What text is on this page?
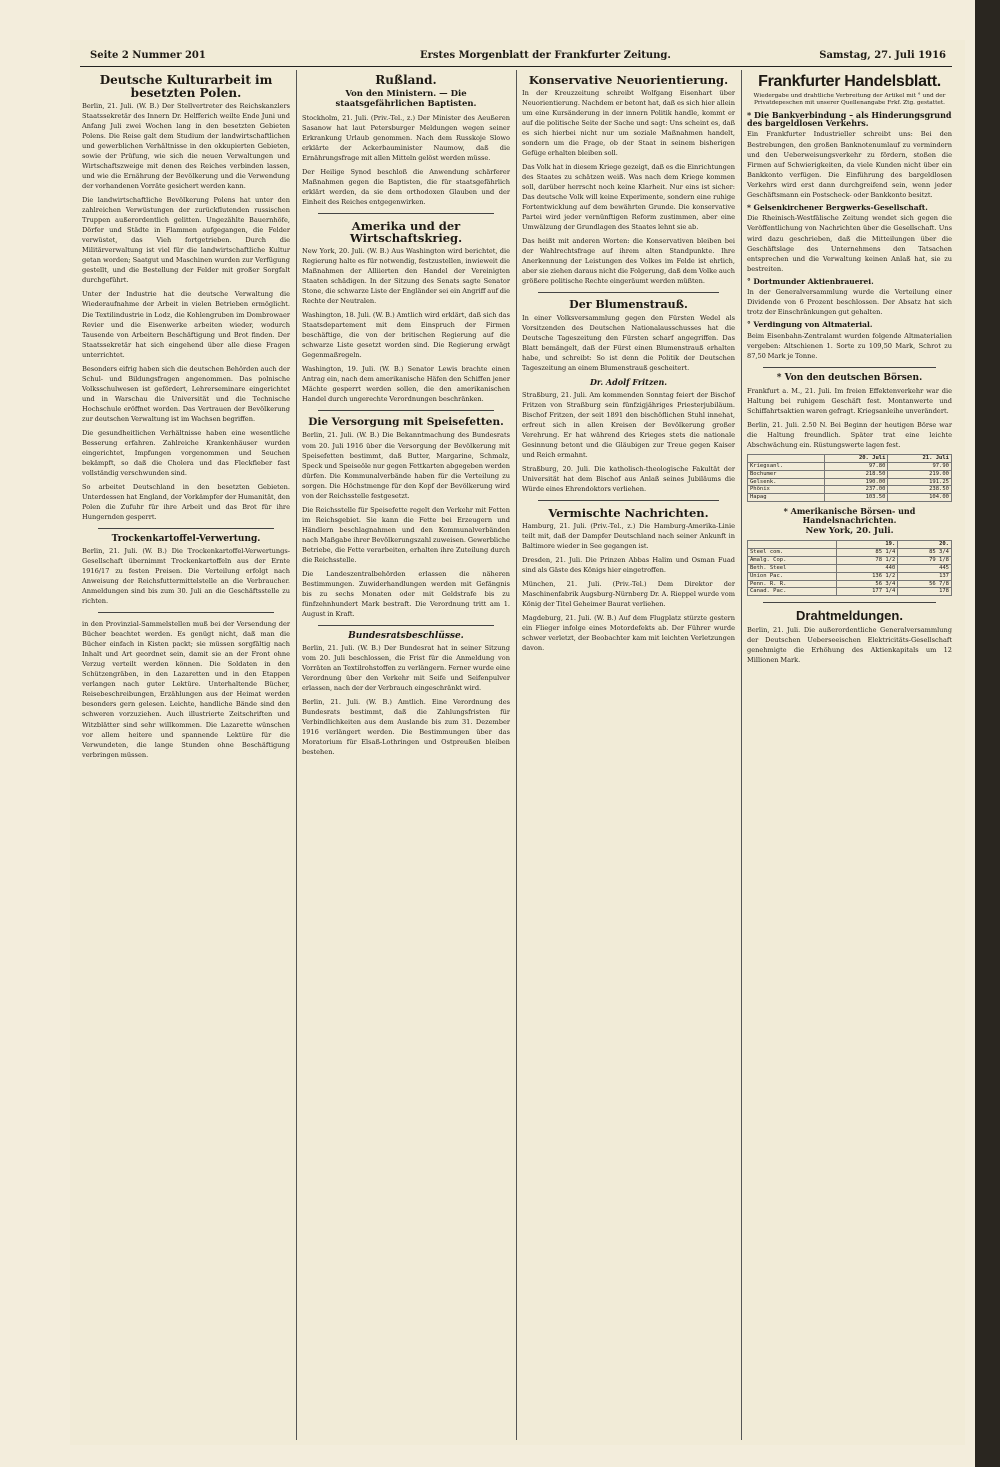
Seite 2 Nummer 201	Erstes Morgenblatt der Frankfurter Zeitung.	Samstag, 27. Juli 1916
Deutsche Kulturarbeit im besetzten Polen.

Berlin, 21. Juli. (W. B.) Der Stellvertreter des Reichskanzlers Staatssekretär des Innern Dr. Helfferich weilte Ende Juni und Anfang Juli zwei Wochen lang in den besetzten Gebieten Polens. Die Reise galt dem Studium der landwirtschaftlichen und gewerblichen Verhältnisse in den okkupierten Gebieten, sowie der Prüfung, wie sich die neuen Verwaltungen und Wirtschaftszweige mit denen des Reiches verbinden lassen, und wie die Ernährung der Bevölkerung und die Verwendung der vorhandenen Vorräte gesichert werden kann.

Die landwirtschaftliche Bevölkerung Polens hat unter den zahlreichen Verwüstungen der zurückflutenden russischen Truppen außerordentlich gelitten. Ungezählte Bauernhöfe, Dörfer und Städte in Flammen aufgegangen, die Felder verwüstet, das Vieh fortgetrieben. Durch die Militärverwaltung ist viel für die landwirtschaftliche Kultur getan worden; Saatgut und Maschinen wurden zur Verfügung gestellt, und die Bestellung der Felder mit großer Sorgfalt durchgeführt.

Unter der Industrie hat die deutsche Verwaltung die Wiederaufnahme der Arbeit in vielen Betrieben ermöglicht. Die Textilindustrie in Lodz, die Kohlengruben im Dombrowaer Revier und die Eisenwerke arbeiten wieder, wodurch Tausende von Arbeitern Beschäftigung und Brot finden. Der Staatssekretär hat sich eingehend über alle diese Fragen unterrichtet.

Besonders eifrig haben sich die deutschen Behörden auch der Schul- und Bildungsfragen angenommen. Das polnische Volksschulwesen ist gefördert, Lehrerseminare eingerichtet und in Warschau die Universität und die Technische Hochschule eröffnet worden. Das Vertrauen der Bevölkerung zur deutschen Verwaltung ist im Wachsen begriffen.

Die gesundheitlichen Verhältnisse haben eine wesentliche Besserung erfahren. Zahlreiche Krankenhäuser wurden eingerichtet, Impfungen vorgenommen und Seuchen bekämpft, so daß die Cholera und das Fleckfieber fast vollständig verschwunden sind.

So arbeitet Deutschland in den besetzten Gebieten. Unterdessen hat England, der Vorkämpfer der Humanität, den Polen die Zufuhr für ihre Arbeit und das Brot für ihre Hungernden gesperrt.

Trockenkartoffel-Verwertung.

Berlin, 21. Juli. (W. B.) Die Trockenkartoffel-Verwertungs-Gesellschaft übernimmt Trockenkartoffeln aus der Ernte 1916/17 zu festen Preisen. Die Verteilung erfolgt nach Anweisung der Reichsfuttermittelstelle an die Verbraucher. Anmeldungen sind bis zum 30. Juli an die Geschäftsstelle zu richten.

in den Provinzial-Sammelstellen muß bei der Versendung der Bücher beachtet werden. Es genügt nicht, daß man die Bücher einfach in Kisten packt; sie müssen sorgfältig nach Inhalt und Art geordnet sein, damit sie an der Front ohne Verzug verteilt werden können. Die Soldaten in den Schützengräben, in den Lazaretten und in den Etappen verlangen nach guter Lektüre. Unterhaltende Bücher, Reisebeschreibungen, Erzählungen aus der Heimat werden besonders gern gelesen. Leichte, handliche Bände sind den schweren vorzuziehen. Auch illustrierte Zeitschriften und Witzblätter sind sehr willkommen. Die Lazarette wünschen vor allem heitere und spannende Lektüre für die Verwundeten, die lange Stunden ohne Beschäftigung verbringen müssen.

Rußland.
Von den Ministern. — Die staatsgefährlichen Baptisten.

Stockholm, 21. Juli. (Priv.-Tel., z.) Der Minister des Aeußeren Sasanow hat laut Petersburger Meldungen wegen seiner Erkrankung Urlaub genommen. Nach dem Russkoje Slowo erklärte der Ackerbauminister Naumow, daß die Ernährungsfrage mit allen Mitteln gelöst werden müsse.

Der Heilige Synod beschloß die Anwendung schärferer Maßnahmen gegen die Baptisten, die für staatsgefährlich erklärt werden, da sie dem orthodoxen Glauben und der Einheit des Reiches entgegenwirken.

Amerika und der Wirtschaftskrieg.

New York, 20. Juli. (W. B.) Aus Washington wird berichtet, die Regierung halte es für notwendig, festzustellen, inwieweit die Maßnahmen der Alliierten den Handel der Vereinigten Staaten schädigen. In der Sitzung des Senats sagte Senator Stone, die schwarze Liste der Engländer sei ein Angriff auf die Rechte der Neutralen.

Washington, 18. Juli. (W. B.) Amtlich wird erklärt, daß sich das Staatsdepartement mit dem Einspruch der Firmen beschäftige, die von der britischen Regierung auf die schwarze Liste gesetzt worden sind. Die Regierung erwägt Gegenmaßregeln.

Washington, 19. Juli. (W. B.) Senator Lewis brachte einen Antrag ein, nach dem amerikanische Häfen den Schiffen jener Mächte gesperrt werden sollen, die den amerikanischen Handel durch ungerechte Verordnungen beschränken.

Die Versorgung mit Speisefetten.

Berlin, 21. Juli. (W. B.) Die Bekanntmachung des Bundesrats vom 20. Juli 1916 über die Versorgung der Bevölkerung mit Speisefetten bestimmt, daß Butter, Margarine, Schmalz, Speck und Speiseöle nur gegen Fettkarten abgegeben werden dürfen. Die Kommunalverbände haben für die Verteilung zu sorgen. Die Höchstmenge für den Kopf der Bevölkerung wird von der Reichsstelle festgesetzt.

Die Reichsstelle für Speisefette regelt den Verkehr mit Fetten im Reichsgebiet. Sie kann die Fette bei Erzeugern und Händlern beschlagnahmen und den Kommunalverbänden nach Maßgabe ihrer Bevölkerungszahl zuweisen. Gewerbliche Betriebe, die Fette verarbeiten, erhalten ihre Zuteilung durch die Reichsstelle.

Die Landeszentralbehörden erlassen die näheren Bestimmungen. Zuwiderhandlungen werden mit Gefängnis bis zu sechs Monaten oder mit Geldstrafe bis zu fünfzehnhundert Mark bestraft. Die Verordnung tritt am 1. August in Kraft.

Bundesratsbeschlüsse.

Berlin, 21. Juli. (W. B.) Der Bundesrat hat in seiner Sitzung vom 20. Juli beschlossen, die Frist für die Anmeldung von Vorräten an Textilrohstoffen zu verlängern. Ferner wurde eine Verordnung über den Verkehr mit Seife und Seifenpulver erlassen, nach der der Verbrauch eingeschränkt wird.

Berlin, 21. Juli. (W. B.) Amtlich. Eine Verordnung des Bundesrats bestimmt, daß die Zahlungsfristen für Verbindlichkeiten aus dem Auslande bis zum 31. Dezember 1916 verlängert werden. Die Bestimmungen über das Moratorium für Elsaß-Lothringen und Ostpreußen bleiben bestehen.

Konservative Neuorientierung.

In der Kreuzzeitung schreibt Wolfgang Eisenhart über Neuorientierung. Nachdem er betont hat, daß es sich hier allein um eine Kursänderung in der innern Politik handle, kommt er auf die politische Seite der Sache und sagt: Uns scheint es, daß es sich hierbei nicht nur um soziale Maßnahmen handelt, sondern um die Frage, ob der Staat in seinem bisherigen Gefüge erhalten bleiben soll.

Das Volk hat in diesem Kriege gezeigt, daß es die Einrichtungen des Staates zu schätzen weiß. Was nach dem Kriege kommen soll, darüber herrscht noch keine Klarheit. Nur eins ist sicher: Das deutsche Volk will keine Experimente, sondern eine ruhige Fortentwicklung auf dem bewährten Grunde. Die konservative Partei wird jeder vernünftigen Reform zustimmen, aber eine Umwälzung der Grundlagen des Staates lehnt sie ab.

Das heißt mit anderen Worten: die Konservativen bleiben bei der Wahlrechtsfrage auf ihrem alten Standpunkte. Ihre Anerkennung der Leistungen des Volkes im Felde ist ehrlich, aber sie ziehen daraus nicht die Folgerung, daß dem Volke auch größere politische Rechte eingeräumt werden müßten.

Der Blumenstrauß.

In einer Volksversammlung gegen den Fürsten Wedel als Vorsitzenden des Deutschen Nationalausschusses hat die Deutsche Tageszeitung den Fürsten scharf angegriffen. Das Blatt bemängelt, daß der Fürst einen Blumenstrauß erhalten habe, und schreibt: So ist denn die Politik der Deutschen Tageszeitung an einem Blumenstrauß gescheitert.

Dr. Adolf Fritzen.

Straßburg, 21. Juli. Am kommenden Sonntag feiert der Bischof Fritzen von Straßburg sein fünfzigjähriges Priesterjubiläum. Bischof Fritzen, der seit 1891 den bischöflichen Stuhl innehat, erfreut sich in allen Kreisen der Bevölkerung großer Verehrung. Er hat während des Krieges stets die nationale Gesinnung betont und die Gläubigen zur Treue gegen Kaiser und Reich ermahnt.

Straßburg, 20. Juli. Die katholisch-theologische Fakultät der Universität hat dem Bischof aus Anlaß seines Jubiläums die Würde eines Ehrendoktors verliehen.

Vermischte Nachrichten.

Hamburg, 21. Juli. (Priv.-Tel., z.) Die Hamburg-Amerika-Linie teilt mit, daß der Dampfer Deutschland nach seiner Ankunft in Baltimore wieder in See gegangen ist.

Dresden, 21. Juli. Die Prinzen Abbas Halim und Osman Fuad sind als Gäste des Königs hier eingetroffen.

München, 21. Juli. (Priv.-Tel.) Dem Direktor der Maschinenfabrik Augsburg-Nürnberg Dr. A. Rieppel wurde vom König der Titel Geheimer Baurat verliehen.

Magdeburg, 21. Juli. (W. B.) Auf dem Flugplatz stürzte gestern ein Flieger infolge eines Motordefekts ab. Der Führer wurde schwer verletzt, der Beobachter kam mit leichten Verletzungen davon.

Frankfurter Handelsblatt.
Wiedergabe und drahtliche Verbreitung der Artikel mit ° und der Privatdepeschen mit unserer Quellenangabe Frkf. Ztg. gestattet.
* Die Bankverbindung – als Hinderungsgrund des bargeldlosen Verkehrs.

Ein Frankfurter Industrieller schreibt uns: Bei den Bestrebungen, den großen Banknotenumlauf zu vermindern und den Ueberweisungsverkehr zu fördern, stoßen die Firmen auf Schwierigkeiten, da viele Kunden nicht über ein Bankkonto verfügen. Die Einführung des bargeldlosen Verkehrs wird erst dann durchgreifend sein, wenn jeder Geschäftsmann ein Postscheck- oder Bankkonto besitzt.

* Gelsenkirchener Bergwerks-Gesellschaft.

Die Rheinisch-Westfälische Zeitung wendet sich gegen die Veröffentlichung von Nachrichten über die Gesellschaft. Uns wird dazu geschrieben, daß die Mitteilungen über die Geschäftslage des Unternehmens den Tatsachen entsprechen und die Verwaltung keinen Anlaß hat, sie zu bestreiten.

° Dortmunder Aktienbrauerei.

In der Generalversammlung wurde die Verteilung einer Dividende von 6 Prozent beschlossen. Der Absatz hat sich trotz der Einschränkungen gut gehalten.

° Verdingung von Altmaterial.

Beim Eisenbahn-Zentralamt wurden folgende Altmaterialien vergeben: Altschienen 1. Sorte zu 109,50 Mark, Schrot zu 87,50 Mark je Tonne.

* Von den deutschen Börsen.

Frankfurt a. M., 21. Juli. Im freien Effektenverkehr war die Haltung bei ruhigem Geschäft fest. Montanwerte und Schiffahrtsaktien waren gefragt. Kriegsanleihe unverändert.

Berlin, 21. Juli. 2.50 N. Bei Beginn der heutigen Börse war die Haltung freundlich. Später trat eine leichte Abschwächung ein. Rüstungswerte lagen fest.

	20. Juli	21. Juli
Kriegsanl.	97.80	97.90
Bochumer	218.50	219.00
Gelsenk.	190.00	191.25
Phönix	237.00	238.50
Hapag	103.50	104.00
* Amerikanische Börsen- und Handelsnachrichten.
New York, 20. Juli.
	19.	20.
Steel com.	85 1/4	85 3/4
Amalg. Cop.	78 1/2	79 1/8
Beth. Steel	440	445
Union Pac.	136 1/2	137
Penn. R. R.	56 3/4	56 7/8
Canad. Pac.	177 1/4	178
Drahtmeldungen.

Berlin, 21. Juli. Die außerordentliche Generalversammlung der Deutschen Ueberseeischen Elektricitäts-Gesellschaft genehmigte die Erhöhung des Aktienkapitals um 12 Millionen Mark.
